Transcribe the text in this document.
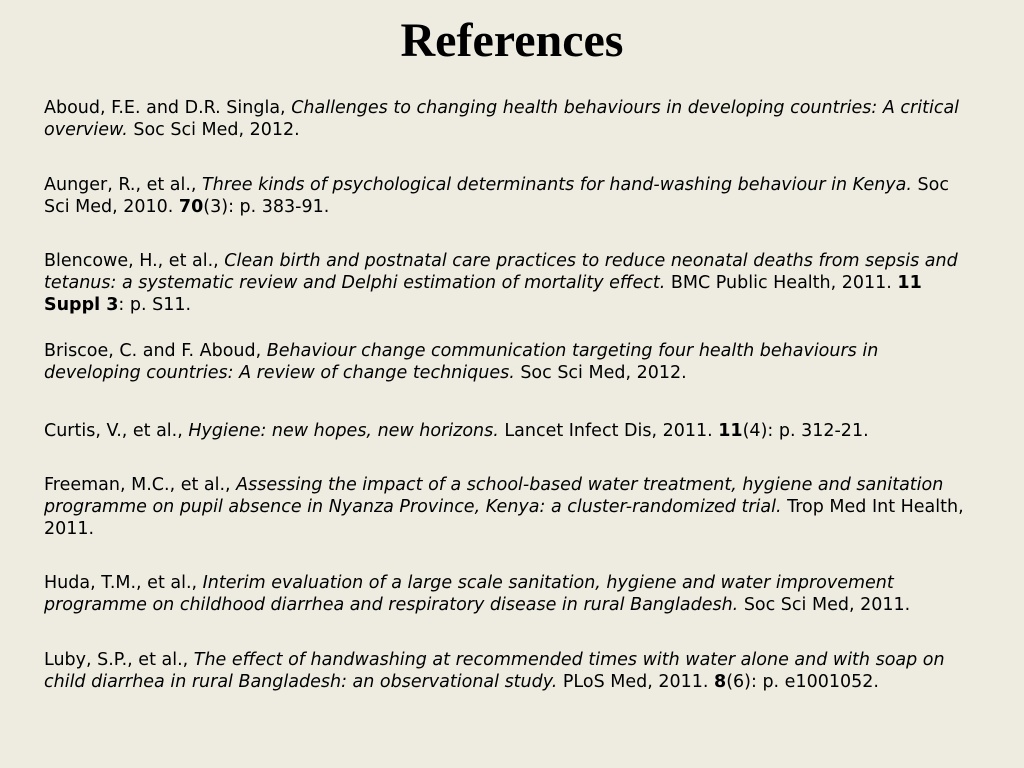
References

Aboud, F.E. and D.R. Singla, Challenges to changing health behaviours in developing countries: A critical overview. Soc Sci Med, 2012.

Aunger, R., et al., Three kinds of psychological determinants for hand-washing behaviour in Kenya. Soc Sci Med, 2010. 70(3): p. 383-91.

Blencowe, H., et al., Clean birth and postnatal care practices to reduce neonatal deaths from sepsis and tetanus: a systematic review and Delphi estimation of mortality effect. BMC Public Health, 2011. 11 Suppl 3: p. S11.

Briscoe, C. and F. Aboud, Behaviour change communication targeting four health behaviours in developing countries: A review of change techniques. Soc Sci Med, 2012.

Curtis, V., et al., Hygiene: new hopes, new horizons. Lancet Infect Dis, 2011. 11(4): p. 312-21.

Freeman, M.C., et al., Assessing the impact of a school-based water treatment, hygiene and sanitation programme on pupil absence in Nyanza Province, Kenya: a cluster-randomized trial. Trop Med Int Health, 2011.

Huda, T.M., et al., Interim evaluation of a large scale sanitation, hygiene and water improvement programme on childhood diarrhea and respiratory disease in rural Bangladesh. Soc Sci Med, 2011.

Luby, S.P., et al., The effect of handwashing at recommended times with water alone and with soap on child diarrhea in rural Bangladesh: an observational study. PLoS Med, 2011. 8(6): p. e1001052.
